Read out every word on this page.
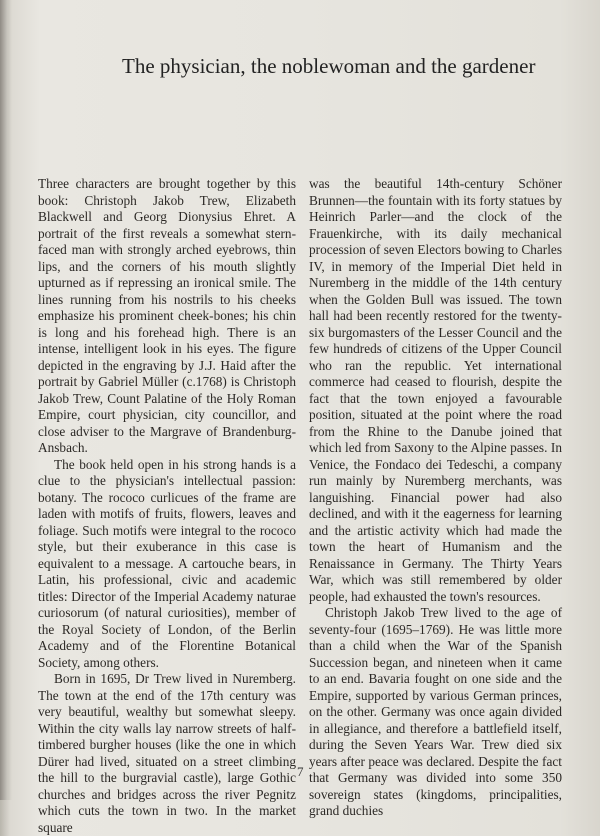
The physician, the noblewoman and the gardener

Three characters are brought together by this book: Christoph Jakob Trew, Elizabeth Blackwell and Georg Dionysius Ehret. A portrait of the first reveals a somewhat stern-faced man with strongly arched eyebrows, thin lips, and the corners of his mouth slightly upturned as if repressing an ironical smile. The lines running from his nostrils to his cheeks emphasize his prominent cheek-bones; his chin is long and his forehead high. There is an intense, intelligent look in his eyes. The figure depicted in the engraving by J.J. Haid after the portrait by Gabriel Müller (c.1768) is Christoph Jakob Trew, Count Palatine of the Holy Roman Empire, court physician, city councillor, and close adviser to the Margrave of Brandenburg-Ansbach.

The book held open in his strong hands is a clue to the physician's intellectual passion: botany. The rococo curlicues of the frame are laden with motifs of fruits, flowers, leaves and foliage. Such motifs were integral to the rococo style, but their exuberance in this case is equivalent to a message. A cartouche bears, in Latin, his professional, civic and academic titles: Director of the Imperial Academy naturae curiosorum (of natural curiosities), member of the Royal Society of London, of the Berlin Academy and of the Florentine Botanical Society, among others.

Born in 1695, Dr Trew lived in Nuremberg. The town at the end of the 17th century was very beautiful, wealthy but somewhat sleepy. Within the city walls lay narrow streets of half-timbered burgher houses (like the one in which Dürer had lived, situated on a street climbing the hill to the burgravial castle), large Gothic churches and bridges across the river Pegnitz which cuts the town in two. In the market square

was the beautiful 14th-century Schöner Brunnen—the fountain with its forty statues by Heinrich Parler—and the clock of the Frauenkirche, with its daily mechanical procession of seven Electors bowing to Charles IV, in memory of the Imperial Diet held in Nuremberg in the middle of the 14th century when the Golden Bull was issued. The town hall had been recently restored for the twenty-six burgomasters of the Lesser Council and the few hundreds of citizens of the Upper Council who ran the republic. Yet international commerce had ceased to flourish, despite the fact that the town enjoyed a favourable position, situated at the point where the road from the Rhine to the Danube joined that which led from Saxony to the Alpine passes. In Venice, the Fondaco dei Tedeschi, a company run mainly by Nuremberg merchants, was languishing. Financial power had also declined, and with it the eagerness for learning and the artistic activity which had made the town the heart of Humanism and the Renaissance in Germany. The Thirty Years War, which was still remembered by older people, had exhausted the town's resources.

Christoph Jakob Trew lived to the age of seventy-four (1695–1769). He was little more than a child when the War of the Spanish Succession began, and nineteen when it came to an end. Bavaria fought on one side and the Empire, supported by various German princes, on the other. Germany was once again divided in allegiance, and therefore a battlefield itself, during the Seven Years War. Trew died six years after peace was declared. Despite the fact that Germany was divided into some 350 sovereign states (kingdoms, principalities, grand duchies

7
